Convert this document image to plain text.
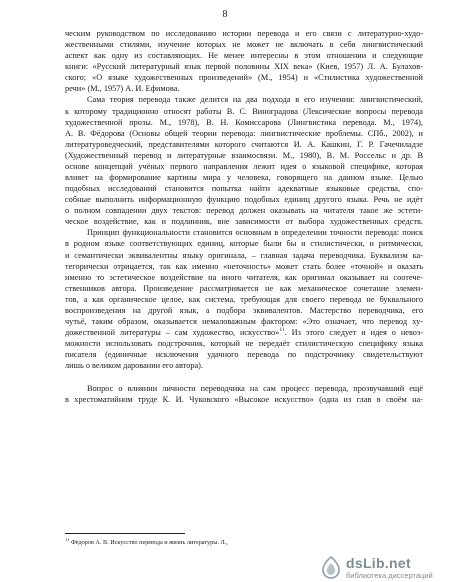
8
ческим руководством по исследованию истории перевода и его связи с литературно-худо-
жественными стилями, изучение которых не может не включать в себя лингвистический
аспект как одну из составляющих. Не менее интересны в этом отношении и следующие
книги: «Русский литературный язык первой половины XIX века» (Киев, 1957) Л. А. Булахов-
ского; «О языке художественных произведений» (М., 1954) и «Стилистика художественной
речи» (М., 1957) А. И. Ефимова.
Сама теория перевода также делится на два подхода в его изучении: лингвистический,
к которому традиционно относят работы В. С. Виноградова (Лексические вопросы перевода
художественной прозы. М., 1978), В. Н. Комиссарова (Лингвистика перевода. М., 1974),
А. В. Фёдорова (Основы общей теории перевода: лингвистические проблемы. СПб., 2002), и
литературоведческий, представителями которого считаются И. А. Кашкин, Г. Р. Гачечиладзе
(Художественный перевод и литературные взаимосвязи. М., 1980), В. М. Россельс и др. В
основе концепций учёных первого направления лежит идея о языковой специфике, которая
влияет на формирование картины мира у человека, говорящего на данном языке. Целью
подобных исследований становится попытка найти адекватные языковые средства, спо-
собные выполнить информационную функцию подобных единиц другого языка. Речь не идёт
о полном совпадении двух текстов: перевод должен оказывать на читателя такое же эстети-
ческое воздействие, как и подлинник, вне зависимости от выбора художественных средств.
Принцип функциональности становится основным в определении точности перевода: поиск
в родном языке соответствующих единиц, которые были бы и стилистически, и ритмически,
и семантически эквивалентны языку оригинала, – главная задача переводчика. Буквализм ка-
тегорически отрицается, так как именно «неточность» может стать более «точной» и оказать
именно то эстетическое воздействие на иного читателя, как оригинал оказывает на соотече-
ственников автора. Произведение рассматривается не как механическое сочетание элемен-
тов, а как органическое целое, как система, требующая для своего перевода не буквального
воспроизведения на другой язык, а подбора эквивалентов. Мастерство переводчика, его
чутьё, таким образом, оказывается немаловажным фактором: «Это означает, что перевод ху-
дожественной литературы – сам художество, искусство»$^{11}$. Из этого следует и идея о невоз-
можности использовать подстрочник, который не передаёт стилистическую специфику языка
писателя (единичные исключения удачного перевода по подстрочнику свидетельствуют
лишь о великом даровании его автора).
Вопрос о влиянии личности переводчика на сам процесс перевода, прозвучавший ещё
в хрестоматийном труде К. И. Чуковского «Высокое искусство» (одна из глав в своём на-
$^{11}$ Фёдоров А. В. Искусство перевода и жизнь литературы. Л.,
dsLib.net
библиотека диссертаций
